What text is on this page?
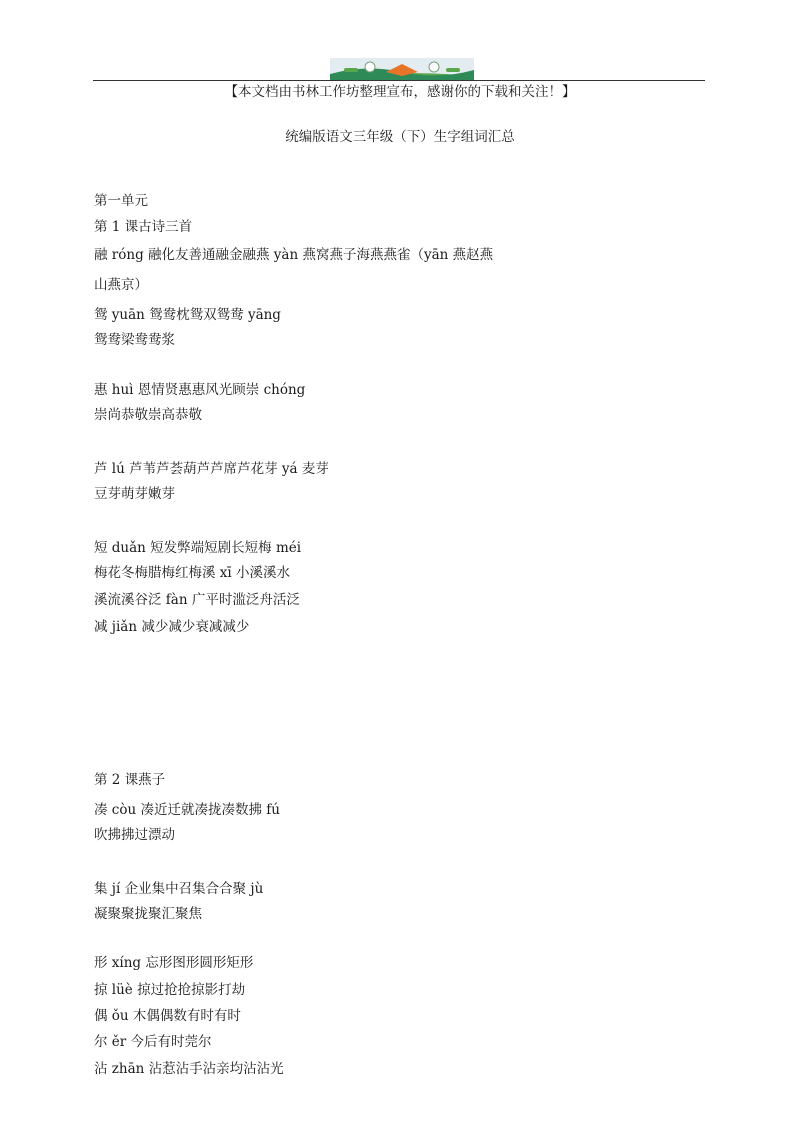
【本文档由书林工作坊整理宣布，感谢你的下载和关注！】
统编版语文三年级（下）生字组词汇总
第一单元
第 1 课古诗三首
融 róng 融化友善通融金融燕 yàn 燕窝燕子海燕燕雀（yān 燕赵燕
山燕京）
鸳 yuān 鸳鸯枕鸳双鸳鸯 yāng
鸳鸯梁鸯鸯浆
惠 huì 恩情贤惠惠风光顾崇 chóng
崇尚恭敬崇高恭敬
芦 lú 芦苇芦荟葫芦芦席芦花芽 yá 麦芽
豆芽萌芽嫩芽
短 duǎn 短发弊端短剧长短梅 méi
梅花冬梅腊梅红梅溪 xī 小溪溪水
溪流溪谷泛 fàn 广平时滥泛舟活泛
减 jiǎn 减少减少衰减减少
第 2 课燕子
凑 còu 凑近迁就凑拢凑数拂 fú
吹拂拂过漂动
集 jí 企业集中召集合合聚 jù
凝聚聚拢聚汇聚焦
形 xíng 忘形图形圆形矩形
掠 lüè 掠过抢抢掠影打劫
偶 ǒu 木偶偶数有时有时
尔 ěr 今后有时莞尔
沾 zhān 沾惹沾手沾亲均沾沾光
